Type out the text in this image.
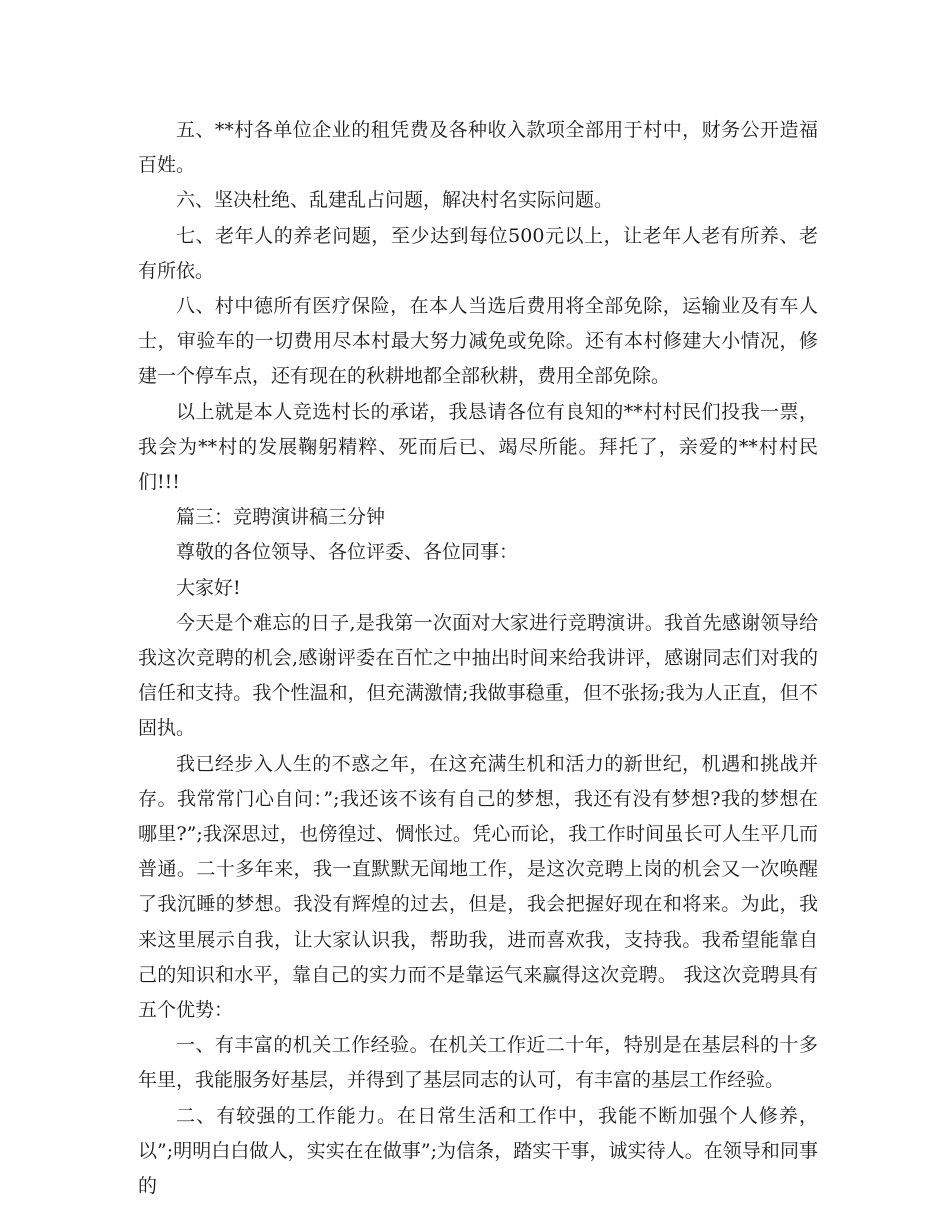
五、**村各单位企业的租凭费及各种收入款项全部用于村中，财务公开造福百姓。

六、坚决杜绝、乱建乱占问题，解决村名实际问题。

七、老年人的养老问题，至少达到每位500元以上，让老年人老有所养、老有所依。

八、村中德所有医疗保险，在本人当选后费用将全部免除，运输业及有车人士，审验车的一切费用尽本村最大努力减免或免除。还有本村修建大小情况，修建一个停车点，还有现在的秋耕地都全部秋耕，费用全部免除。

以上就是本人竞选村长的承诺，我恳请各位有良知的**村村民们投我一票，我会为**村的发展鞠躬精粹、死而后已、竭尽所能。拜托了，亲爱的**村村民们!!!

篇三：竞聘演讲稿三分钟

尊敬的各位领导、各位评委、各位同事：

大家好!

今天是个难忘的日子,是我第一次面对大家进行竞聘演讲。我首先感谢领导给我这次竞聘的机会,感谢评委在百忙之中抽出时间来给我讲评，感谢同志们对我的信任和支持。我个性温和，但充满激情;我做事稳重，但不张扬;我为人正直，但不固执。

我已经步入人生的不惑之年，在这充满生机和活力的新世纪，机遇和挑战并存。我常常门心自问：”;我还该不该有自己的梦想，我还有没有梦想?我的梦想在哪里?”;我深思过，也傍徨过、惆怅过。凭心而论，我工作时间虽长可人生平几而普通。二十多年来，我一直默默无闻地工作，是这次竞聘上岗的机会又一次唤醒了我沉睡的梦想。我没有辉煌的过去，但是，我会把握好现在和将来。为此，我来这里展示自我，让大家认识我，帮助我，进而喜欢我，支持我。我希望能靠自己的知识和水平，靠自己的实力而不是靠运气来赢得这次竞聘。 我这次竞聘具有五个优势：

一、有丰富的机关工作经验。在机关工作近二十年，特别是在基层科的十多年里，我能服务好基层，并得到了基层同志的认可，有丰富的基层工作经验。

二、有较强的工作能力。在日常生活和工作中，我能不断加强个人修养，以”;明明白白做人，实实在在做事”;为信条，踏实干事，诚实待人。在领导和同事的
